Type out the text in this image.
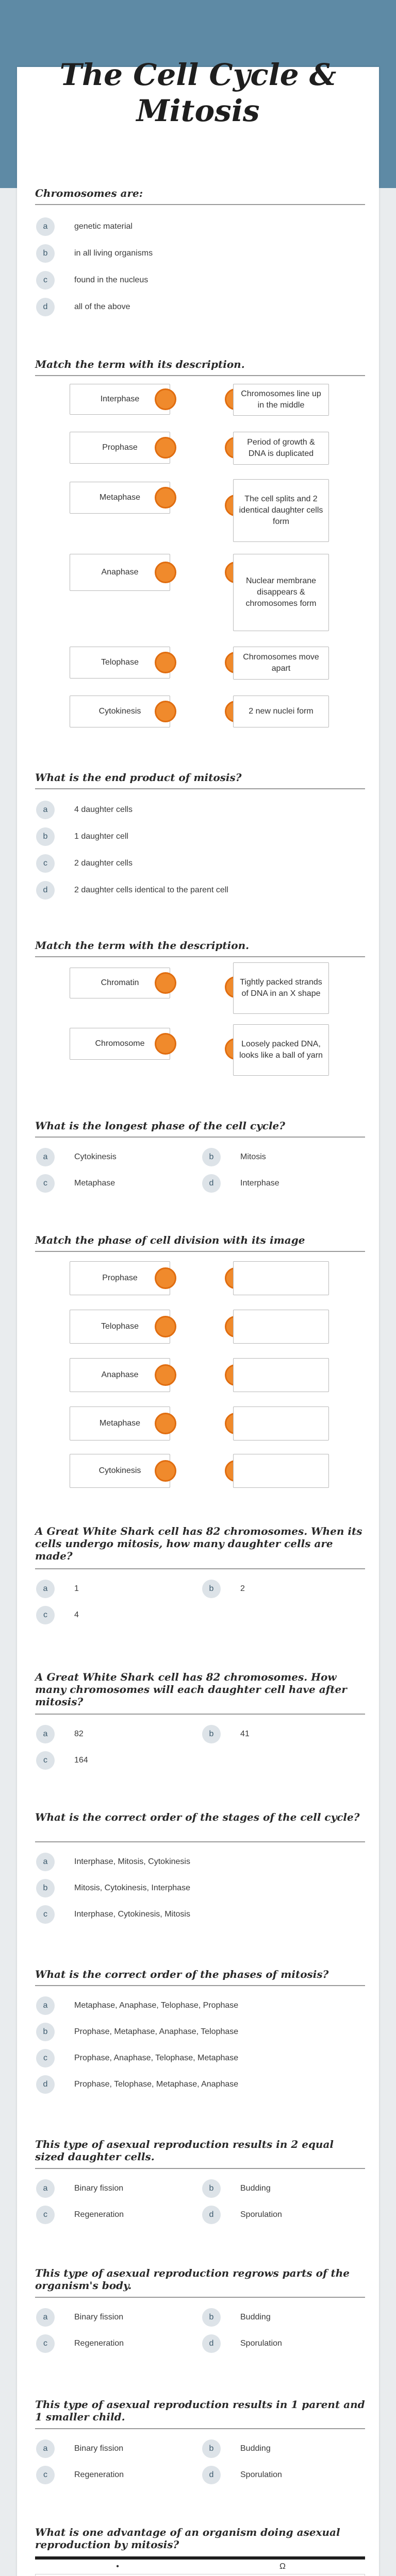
The Cell Cycle & Mitosis
Chromosomes are:
a	genetic material
b	in all living organisms
c	found in the nucleus
d	all of the above
Match the term with its description.
Interphase
Prophase
Metaphase
Anaphase
Telophase
Cytokinesis
Chromosomes line up in the middle
Period of growth & DNA is duplicated
The cell splits and 2 identical daughter cells form
Nuclear membrane disappears & chromosomes form
Chromosomes move apart
2 new nuclei form
What is the end product of mitosis?
a	4 daughter cells
b	1 daughter cell
c	2 daughter cells
d	2 daughter cells identical to the parent cell
Match the term with the description.
Chromatin
Chromosome
Tightly packed strands of DNA in an X shape
Loosely packed DNA, looks like a ball of yarn
What is the longest phase of the cell cycle?
a	Cytokinesis	b	Mitosis
c	Metaphase	d	Interphase
Match the phase of cell division with its image
Prophase
Telophase
Anaphase
Metaphase
Cytokinesis
A Great White Shark cell has 82 chromosomes. When its cells undergo mitosis, how many daughter cells are made?
a	1	b	2
c	4
A Great White Shark cell has 82 chromosomes. How many chromosomes will each daughter cell have after mitosis?
a	82	b	41
c	164
What is the correct order of the stages of the cell cycle?
a	Interphase, Mitosis, Cytokinesis
b	Mitosis, Cytokinesis, Interphase
c	Interphase, Cytokinesis, Mitosis
What is the correct order of the phases of mitosis?
a	Metaphase, Anaphase, Telophase, Prophase
b	Prophase, Metaphase, Anaphase, Telophase
c	Prophase, Anaphase, Telophase, Metaphase
d	Prophase, Telophase, Metaphase, Anaphase
This type of asexual reproduction results in 2 equal sized daughter cells.
a	Binary fission	b	Budding
c	Regeneration	d	Sporulation
This type of asexual reproduction regrows parts of the organism's body.
a	Binary fission	b	Budding
c	Regeneration	d	Sporulation
This type of asexual reproduction results in 1 parent and 1 smaller child.
a	Binary fission	b	Budding
c	Regeneration	d	Sporulation
What is one advantage of an organism doing asexual reproduction by mitosis?
•	Ω
